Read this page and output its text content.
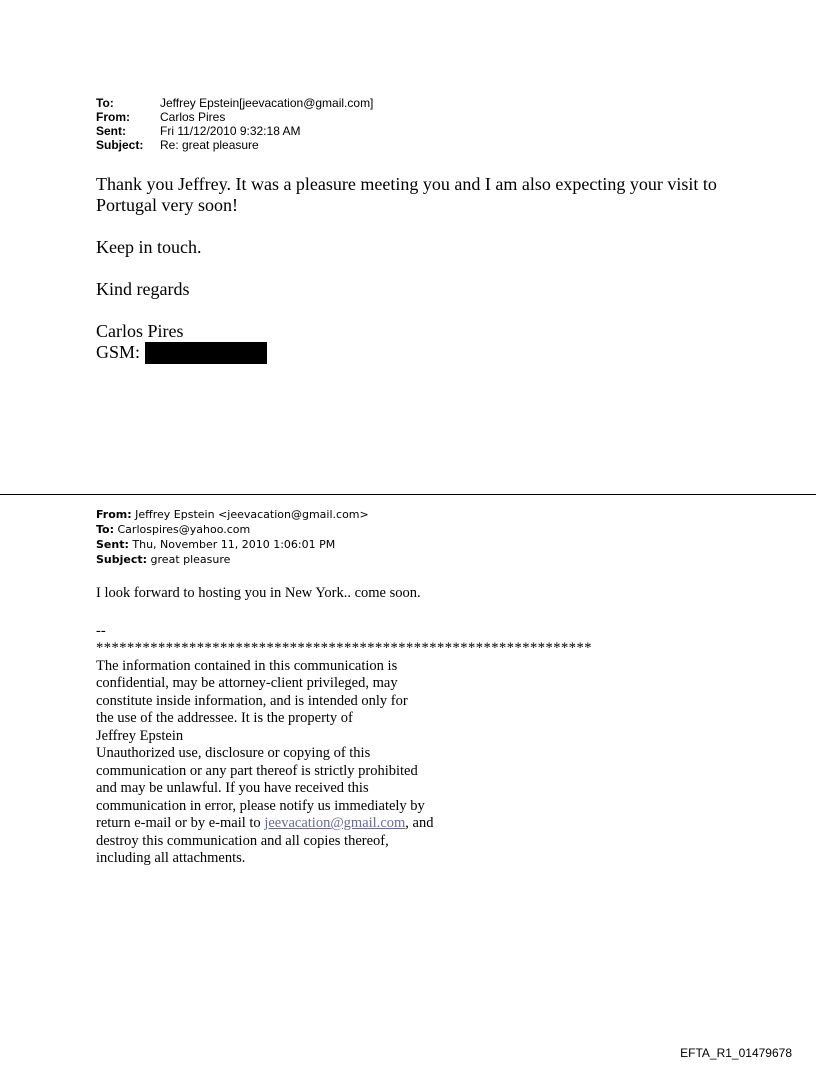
To:	Jeffrey Epstein[jeevacation@gmail.com]
From:	Carlos Pires
Sent:	Fri 11/12/2010 9:32:18 AM
Subject:	Re: great pleasure

Thank you Jeffrey. It was a pleasure meeting you and I am also expecting your visit to Portugal very soon!

Keep in touch.

Kind regards

Carlos Pires

GSM:

From: Jeffrey Epstein <jeevacation@gmail.com>
To: Carlospires@yahoo.com
Sent: Thu, November 11, 2010 1:06:01 PM
Subject: great pleasure

I look forward to hosting you in New York.. come soon.

--

****************************************************************

The information contained in this communication is

confidential, may be attorney-client privileged, may

constitute inside information, and is intended only for

the use of the addressee. It is the property of

Jeffrey Epstein

Unauthorized use, disclosure or copying of this

communication or any part thereof is strictly prohibited

and may be unlawful. If you have received this

communication in error, please notify us immediately by

return e-mail or by e-mail to jeevacation@gmail.com, and

destroy this communication and all copies thereof,

including all attachments.

EFTA_R1_01479678
